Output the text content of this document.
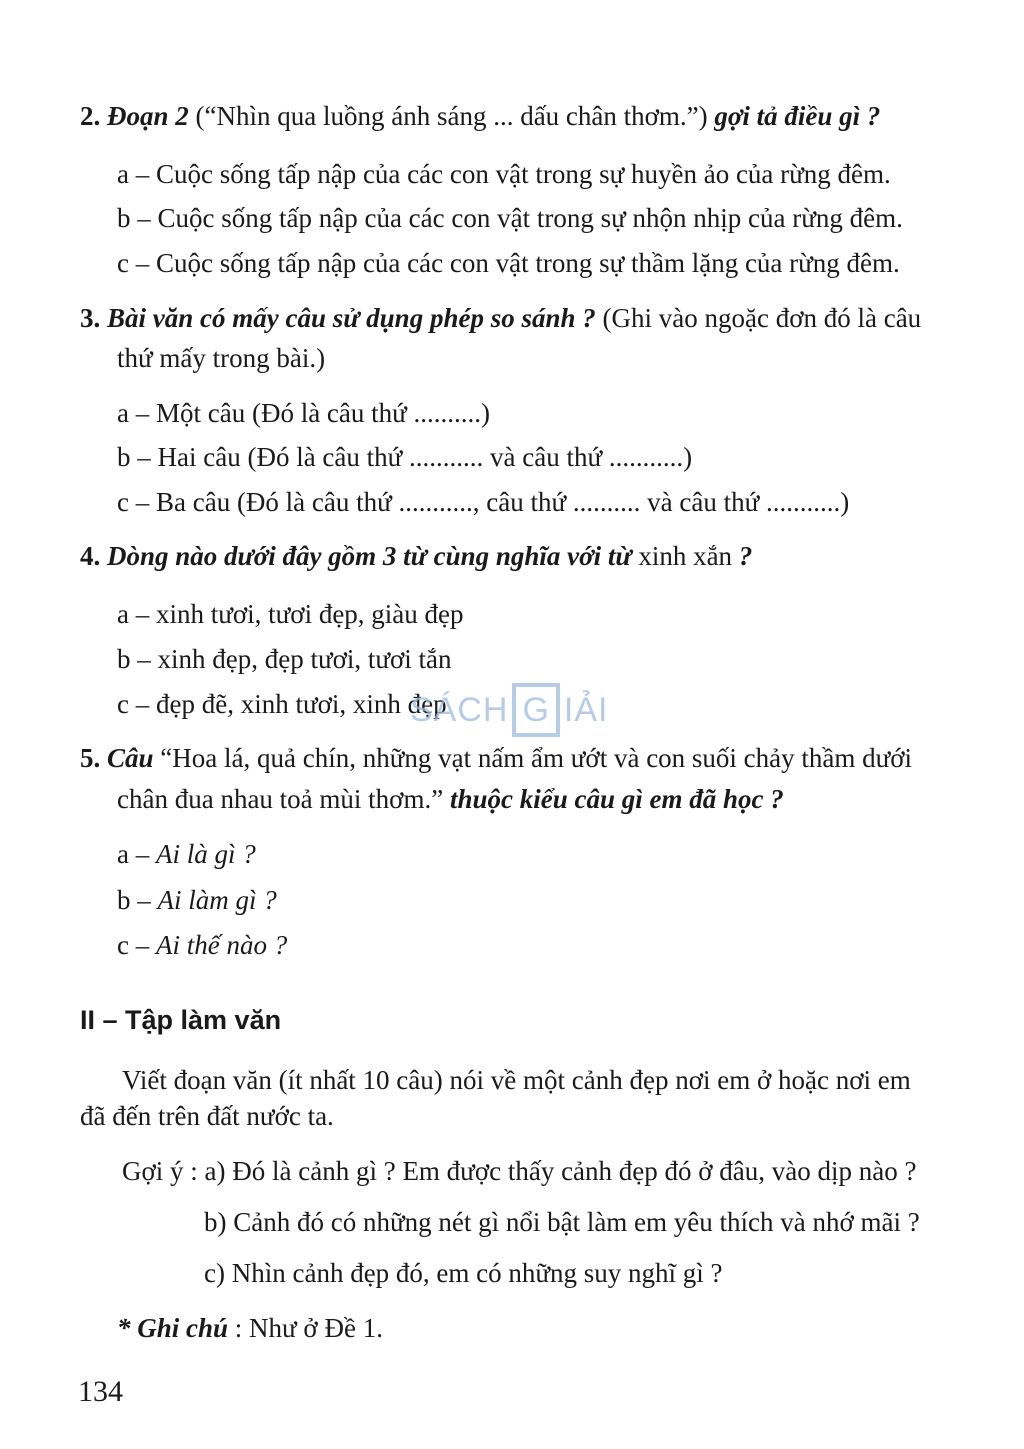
2. Đoạn 2 (“Nhìn qua luồng ánh sáng ... dấu chân thơm.”) gợi tả điều gì ?
a – Cuộc sống tấp nập của các con vật trong sự huyền ảo của rừng đêm.
b – Cuộc sống tấp nập của các con vật trong sự nhộn nhịp của rừng đêm.
c – Cuộc sống tấp nập của các con vật trong sự thầm lặng của rừng đêm.
3. Bài văn có mấy câu sử dụng phép so sánh ? (Ghi vào ngoặc đơn đó là câu
thứ mấy trong bài.)
a – Một câu (Đó là câu thứ ..........)
b – Hai câu (Đó là câu thứ ........... và câu thứ ...........)
c – Ba câu (Đó là câu thứ ..........., câu thứ .......... và câu thứ ...........)
4. Dòng nào dưới đây gồm 3 từ cùng nghĩa với từ xinh xắn ?
a – xinh tươi, tươi đẹp, giàu đẹp
b – xinh đẹp, đẹp tươi, tươi tắn
c – đẹp đẽ, xinh tươi, xinh đẹp
SÁCH G IẢI
5. Câu “Hoa lá, quả chín, những vạt nấm ẩm ướt và con suối chảy thầm dưới
chân đua nhau toả mùi thơm.” thuộc kiểu câu gì em đã học ?
a – Ai là gì ?
b – Ai làm gì ?
c – Ai thế nào ?
II – Tập làm văn
Viết đoạn văn (ít nhất 10 câu) nói về một cảnh đẹp nơi em ở hoặc nơi em
đã đến trên đất nước ta.
Gợi ý : a) Đó là cảnh gì ? Em được thấy cảnh đẹp đó ở đâu, vào dịp nào ?
b) Cảnh đó có những nét gì nổi bật làm em yêu thích và nhớ mãi ?
c) Nhìn cảnh đẹp đó, em có những suy nghĩ gì ?
* Ghi chú : Như ở Đề 1.
134
